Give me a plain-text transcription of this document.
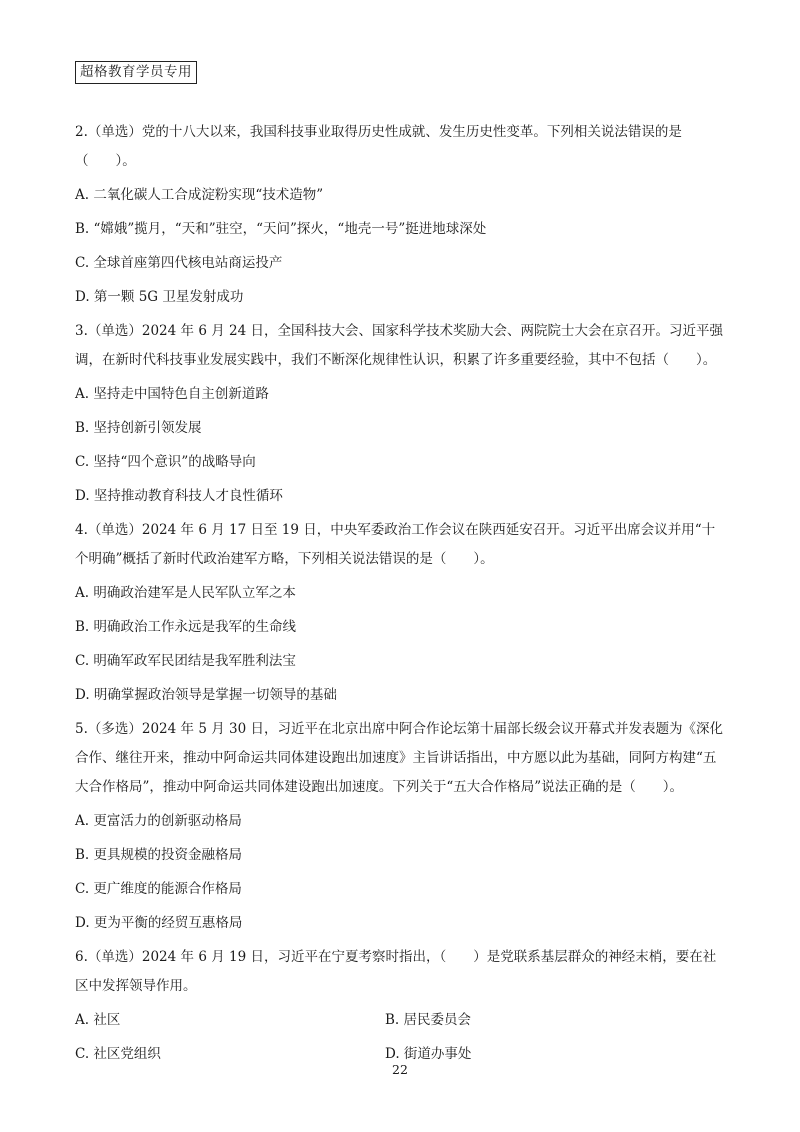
超格教育学员专用
2.（单选）党的十八大以来，我国科技事业取得历史性成就、发生历史性变革。下列相关说法错误的是
（　　）。
A. 二氧化碳人工合成淀粉实现“技术造物”
B. “嫦娥”揽月，“天和”驻空，“天问”探火，“地壳一号”挺进地球深处
C. 全球首座第四代核电站商运投产
D. 第一颗 5G 卫星发射成功
3.（单选）2024 年 6 月 24 日，全国科技大会、国家科学技术奖励大会、两院院士大会在京召开。习近平强
调，在新时代科技事业发展实践中，我们不断深化规律性认识，积累了许多重要经验，其中不包括（　　）。
A. 坚持走中国特色自主创新道路
B. 坚持创新引领发展
C. 坚持“四个意识”的战略导向
D. 坚持推动教育科技人才良性循环
4.（单选）2024 年 6 月 17 日至 19 日，中央军委政治工作会议在陕西延安召开。习近平出席会议并用“十
个明确”概括了新时代政治建军方略，下列相关说法错误的是（　　）。
A. 明确政治建军是人民军队立军之本
B. 明确政治工作永远是我军的生命线
C. 明确军政军民团结是我军胜利法宝
D. 明确掌握政治领导是掌握一切领导的基础
5.（多选）2024 年 5 月 30 日，习近平在北京出席中阿合作论坛第十届部长级会议开幕式并发表题为《深化
合作、继往开来，推动中阿命运共同体建设跑出加速度》主旨讲话指出，中方愿以此为基础，同阿方构建“五
大合作格局”，推动中阿命运共同体建设跑出加速度。下列关于“五大合作格局”说法正确的是（　　）。
A. 更富活力的创新驱动格局
B. 更具规模的投资金融格局
C. 更广维度的能源合作格局
D. 更为平衡的经贸互惠格局
6.（单选）2024 年 6 月 19 日，习近平在宁夏考察时指出，（　　）是党联系基层群众的神经末梢，要在社
区中发挥领导作用。
A. 社区	B. 居民委员会
C. 社区党组织	D. 街道办事处
22
